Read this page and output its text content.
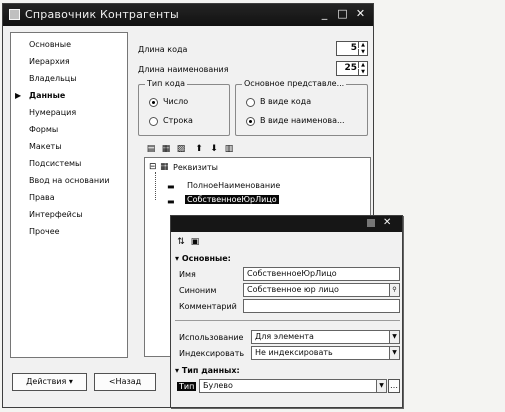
Справочник Контрагенты	_ □ ✕
Основные
Иерархия
Владельцы
▶ Данные
Нумерация
Формы
Макеты
Подсистемы
Ввод на основании
Права
Интерфейсы
Прочее
Длина кода	5 ▲
▼
Длина наименования	25 ▲
▼
Тип кода
Число
Строка
Основное представле...
В виде кода
В виде наименова...
▤ ▦ ▨ ⬆ ⬇ ▥
⊟ ▦ Реквизиты
▬ ПолноеНаименование
▬ СобственноеЮрЛицо
Действия ▾	<Назад
✕
⇅ ▣
▾ Основные:
Имя	СобственноеЮрЛицо
Синоним	Собственное юр лицо	⚲
Комментарий
Использование	Для элемента	▼
Индексировать	Не индексировать	▼
▾ Тип данных:
Тип	Булево	▼ …
